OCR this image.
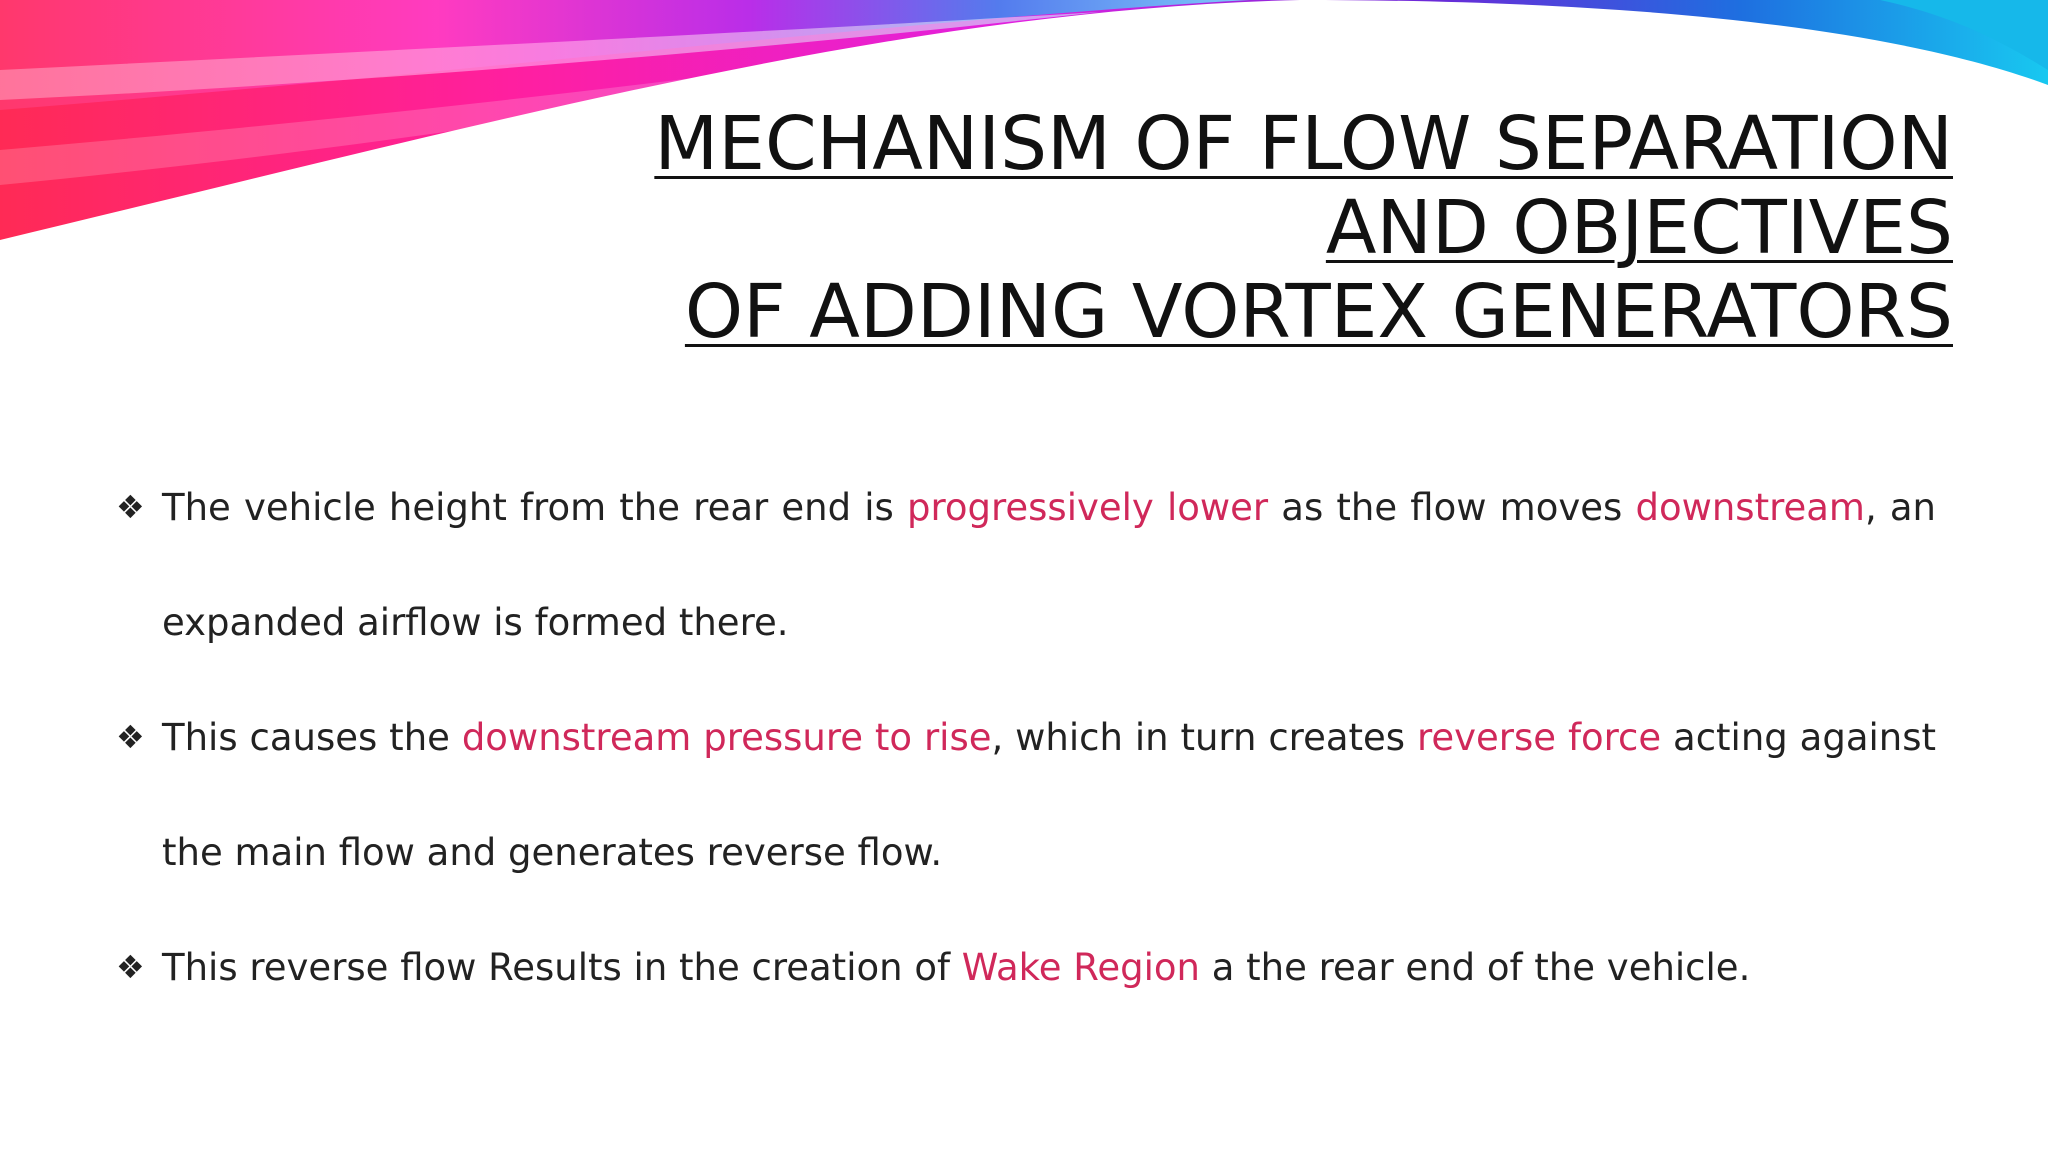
MECHANISM OF FLOW SEPARATION
AND OBJECTIVES
OF ADDING VORTEX GENERATORS

❖ The vehicle height from the rear end is progressively lower as the flow moves downstream, an expanded airflow is formed there.

❖ This causes the downstream pressure to rise, which in turn creates reverse force acting against the main flow and generates reverse flow.

❖ This reverse flow Results in the creation of Wake Region a the rear end of the vehicle.
